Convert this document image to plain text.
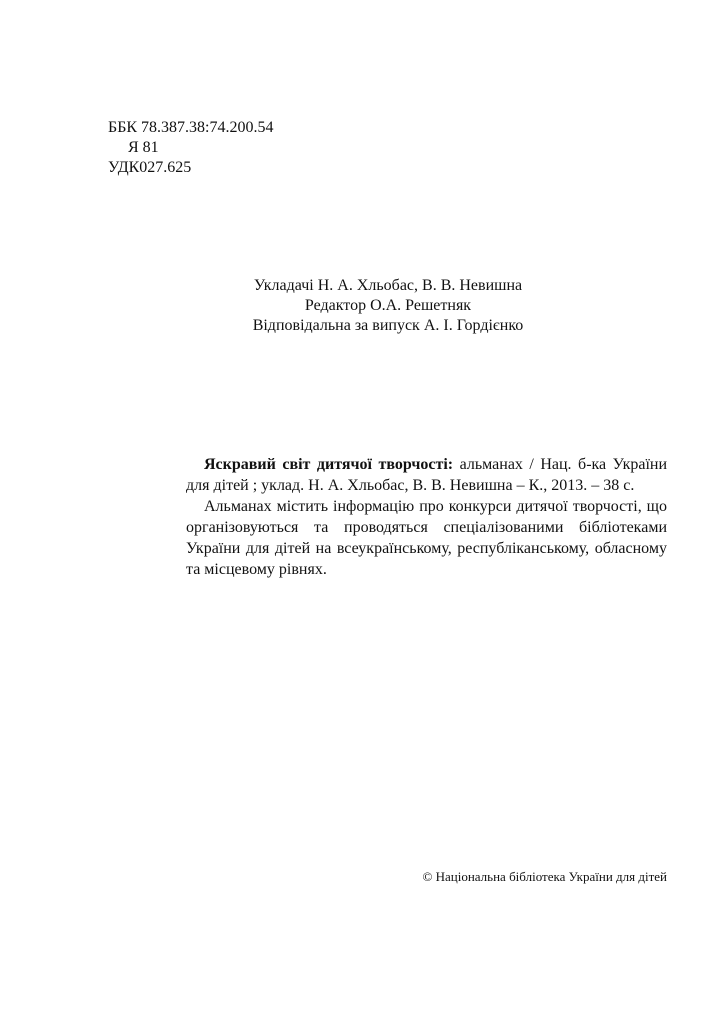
ББК 78.387.38:74.200.54
Я 81
УДК027.625
Укладачі Н. А. Хльобас, В. В. Невишна
Редактор О.А. Решетняк
Відповідальна за випуск А. І. Гордієнко

Яскравий світ дитячої творчості: альманах / Нац. б-ка України для дітей ; уклад. Н. А. Хльобас, В. В. Невишна – К., 2013. – 38 с.

Альманах містить інформацію про конкурси дитячої творчості, що організовуються та проводяться спеціалізованими бібліотеками України для дітей на всеукраїнському, республіканському, обласному та місцевому рівнях.

© Національна бібліотека України для дітей
